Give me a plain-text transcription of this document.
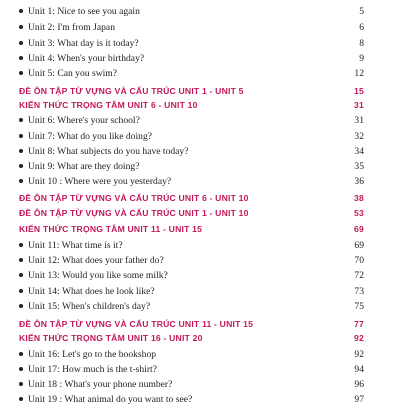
Unit 1: Nice to see you again	5
Unit 2: I'm from Japan	6
Unit 3: What day is it today?	8
Unit 4: When's your birthday?	9
Unit 5: Can you swim?	12
ĐỀ ÔN TẬP TỪ VỰNG VÀ CẤU TRÚC UNIT 1 - UNIT 5	15
KIẾN THỨC TRỌNG TÂM UNIT 6 - UNIT 10	31
Unit 6: Where's your school?	31
Unit 7: What do you like doing?	32
Unit 8: What subjects do you have today?	34
Unit 9: What are they doing?	35
Unit 10 : Where were you yesterday?	36
ĐỀ ÔN TẬP TỪ VỰNG VÀ CẤU TRÚC UNIT 6 - UNIT 10	38
ĐỀ ÔN TẬP TỪ VỰNG VÀ CẤU TRÚC UNIT 1 - UNIT 10	53
KIẾN THỨC TRỌNG TÂM UNIT 11 - UNIT 15	69
Unit 11: What time is it?	69
Unit 12: What does your father do?	70
Unit 13: Would you like some milk?	72
Unit 14: What does he look like?	73
Unit 15: When's children's day?	75
ĐỀ ÔN TẬP TỪ VỰNG VÀ CẤU TRÚC UNIT 11 - UNIT 15	77
KIẾN THỨC TRỌNG TÂM UNIT 16 - UNIT 20	92
Unit 16: Let's go to the bookshop	92
Unit 17: How much is the t-shirt?	94
Unit 18 : What's your phone number?	96
Unit 19 : What animal do you want to see?	97
